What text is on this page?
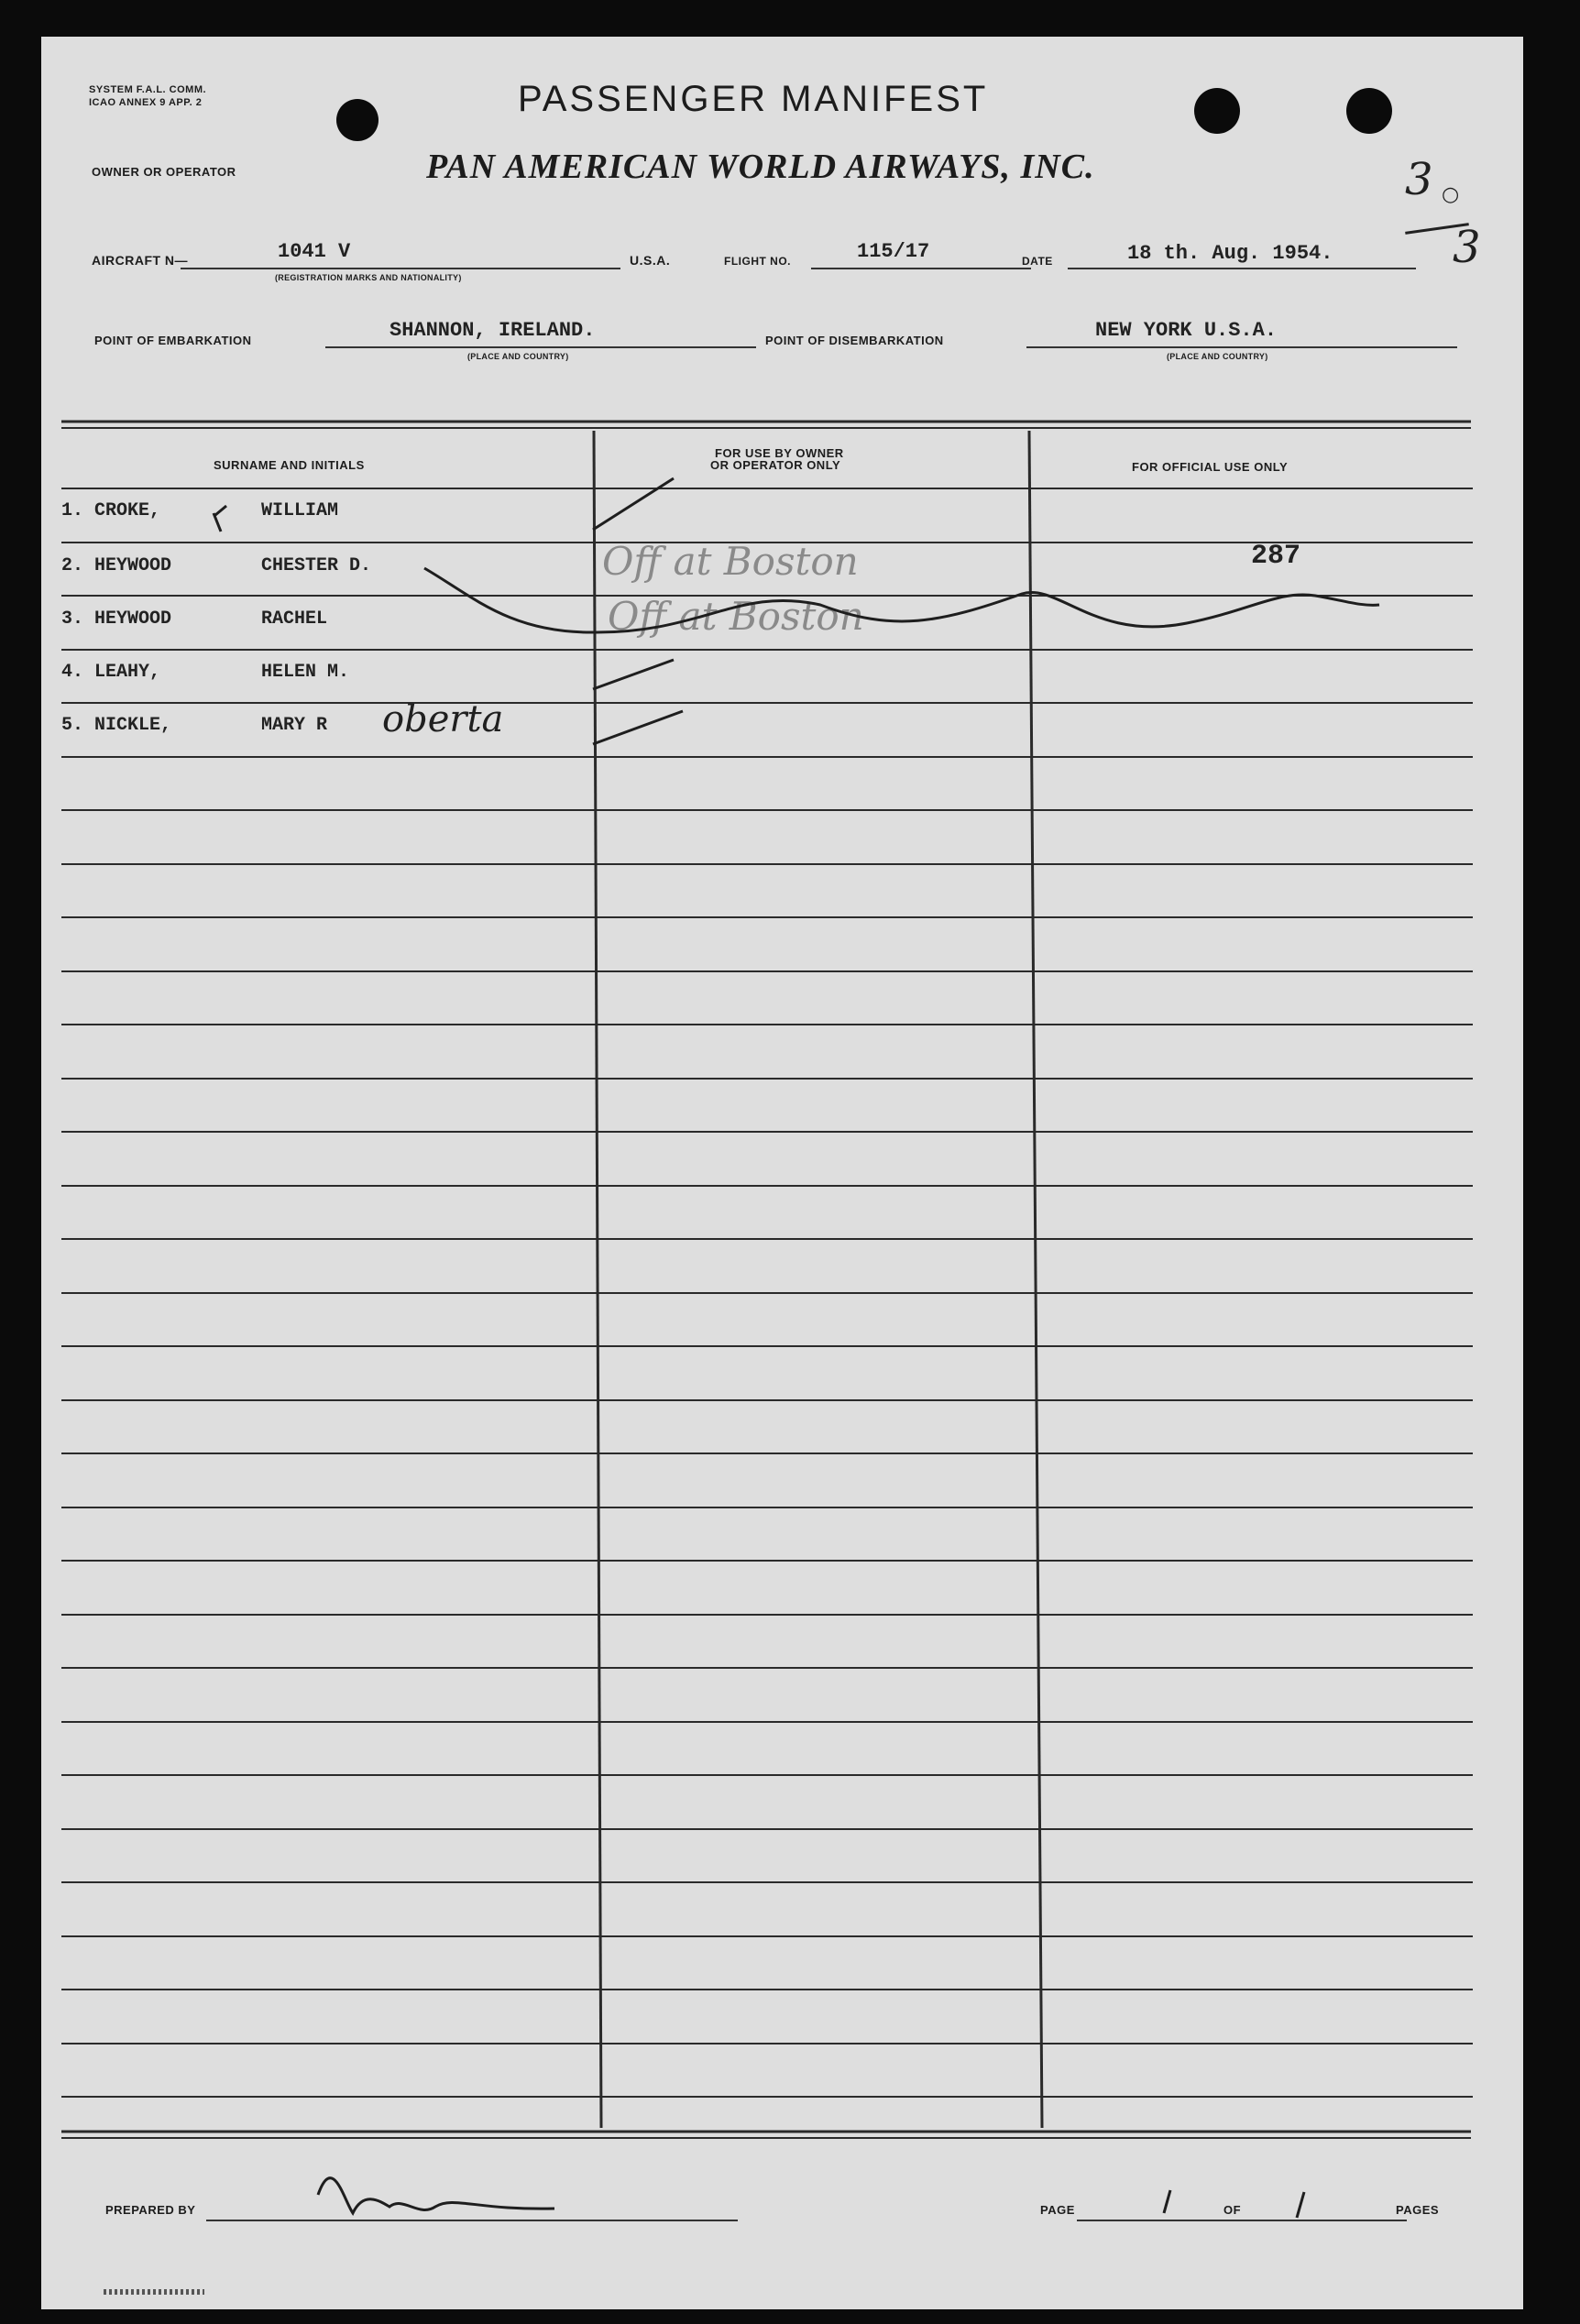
SYSTEM F.A.L. COMM.
ICAO ANNEX 9 APP. 2	PASSENGER MANIFEST
OWNER OR OPERATOR	PAN AMERICAN WORLD AIRWAYS, INC.	3 ○
3
AIRCRAFT N—	1041 V
(REGISTRATION MARKS AND NATIONALITY)
U.S.A.	FLIGHT NO.	115/17	DATE	18 th. Aug. 1954.
POINT OF EMBARKATION	SHANNON, IRELAND.
(PLACE AND COUNTRY)
POINT OF DISEMBARKATION	NEW YORK U.S.A.
(PLACE AND COUNTRY)
SURNAME AND INITIALS
FOR USE BY OWNER
OR OPERATOR ONLY	FOR OFFICIAL USE ONLY
1. CROKE,	WILLIAM
2. HEYWOOD	CHESTER D.	Off at Boston	287
3. HEYWOOD	RACHEL	Off at Boston
4. LEAHY,	HELEN M.
5. NICKLE,	MARY R oberta
PREPARED BY	PAGE	OF	PAGES
